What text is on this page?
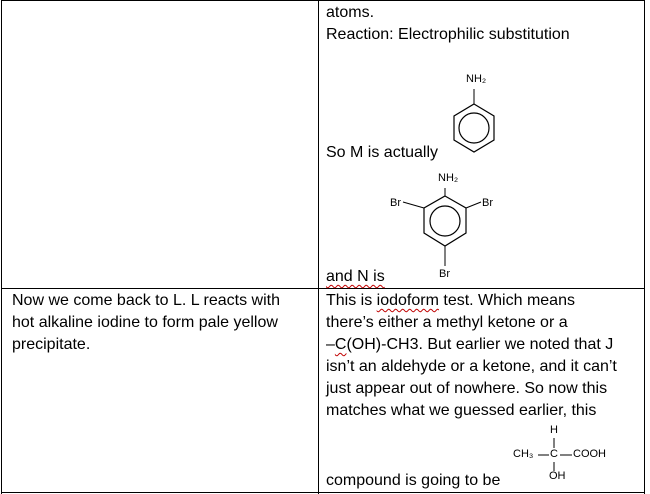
atoms.
Reaction: Electrophilic substitution
NH₂
So M is actually
NH₂
Br	Br
Br
and N is
Now we come back to L. L reacts with
hot alkaline iodine to form pale yellow
precipitate.
This is iodoform test. Which means
there’s either a methyl ketone or a
–C(OH)-CH3. But earlier we noted that J
isn’t an aldehyde or a ketone, and it can’t
just appear out of nowhere. So now this
matches what we guessed earlier, this
compound is going to be
H
CH₃ C COOH
OH
